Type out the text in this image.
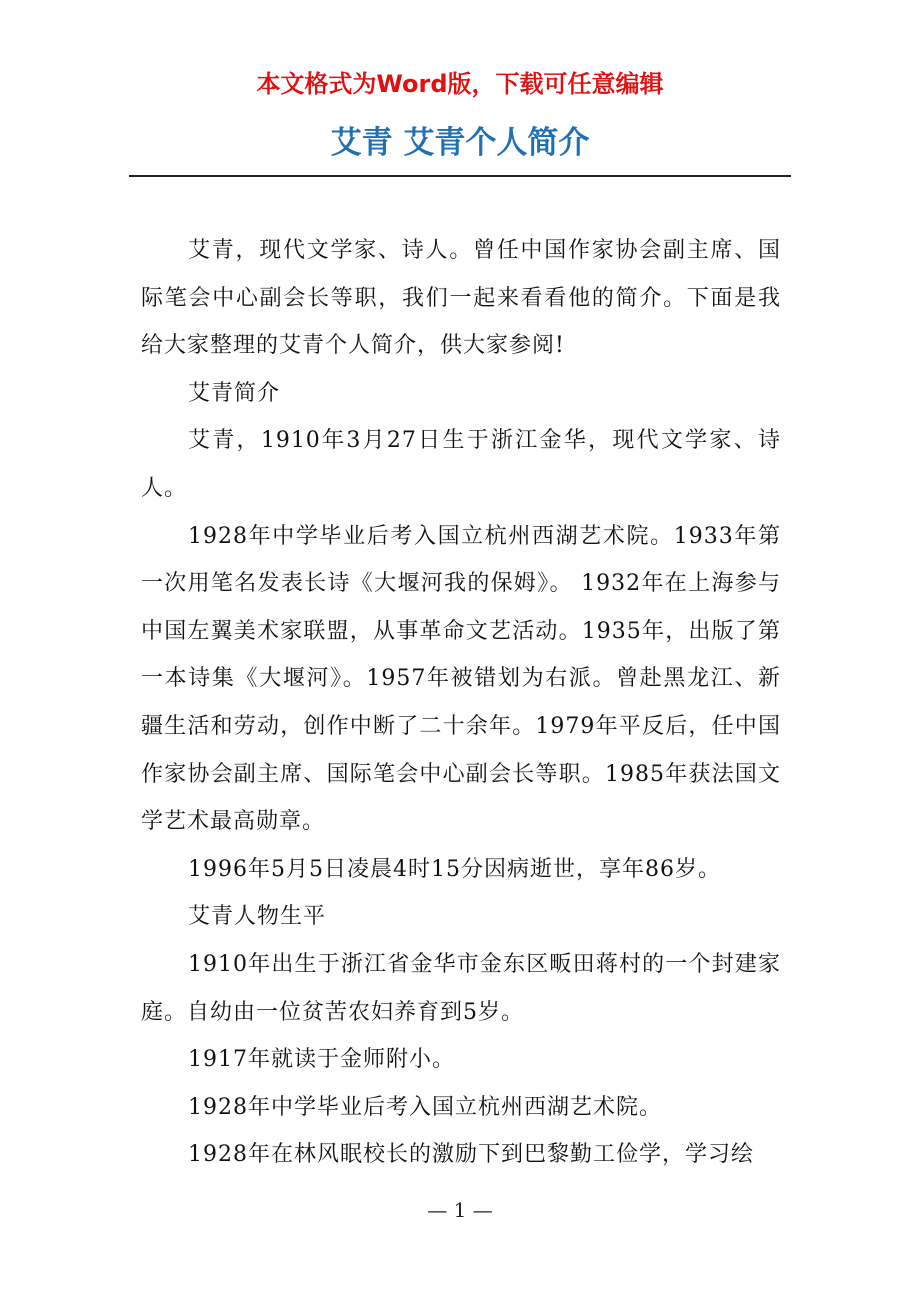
本文格式为Word版，下载可任意编辑
艾青 艾青个人简介

艾青，现代文学家、诗人。曾任中国作家协会副主席、国际笔会中心副会长等职，我们一起来看看他的简介。下面是我给大家整理的艾青个人简介，供大家参阅!

艾青简介

艾青，1910年3月27日生于浙江金华，现代文学家、诗人。

1928年中学毕业后考入国立杭州西湖艺术院。1933年第一次用笔名发表长诗《大堰河我的保姆》。 1932年在上海参与中国左翼美术家联盟，从事革命文艺活动。1935年，出版了第一本诗集《大堰河》。1957年被错划为右派。曾赴黑龙江、新疆生活和劳动，创作中断了二十余年。1979年平反后，任中国作家协会副主席、国际笔会中心副会长等职。1985年获法国文学艺术最高勋章。

1996年5月5日凌晨4时15分因病逝世，享年86岁。

艾青人物生平

1910年出生于浙江省金华市金东区畈田蒋村的一个封建家庭。自幼由一位贫苦农妇养育到5岁。

1917年就读于金师附小。

1928年中学毕业后考入国立杭州西湖艺术院。

1928年在林风眠校长的激励下到巴黎勤工俭学，学习绘

— 1 —
